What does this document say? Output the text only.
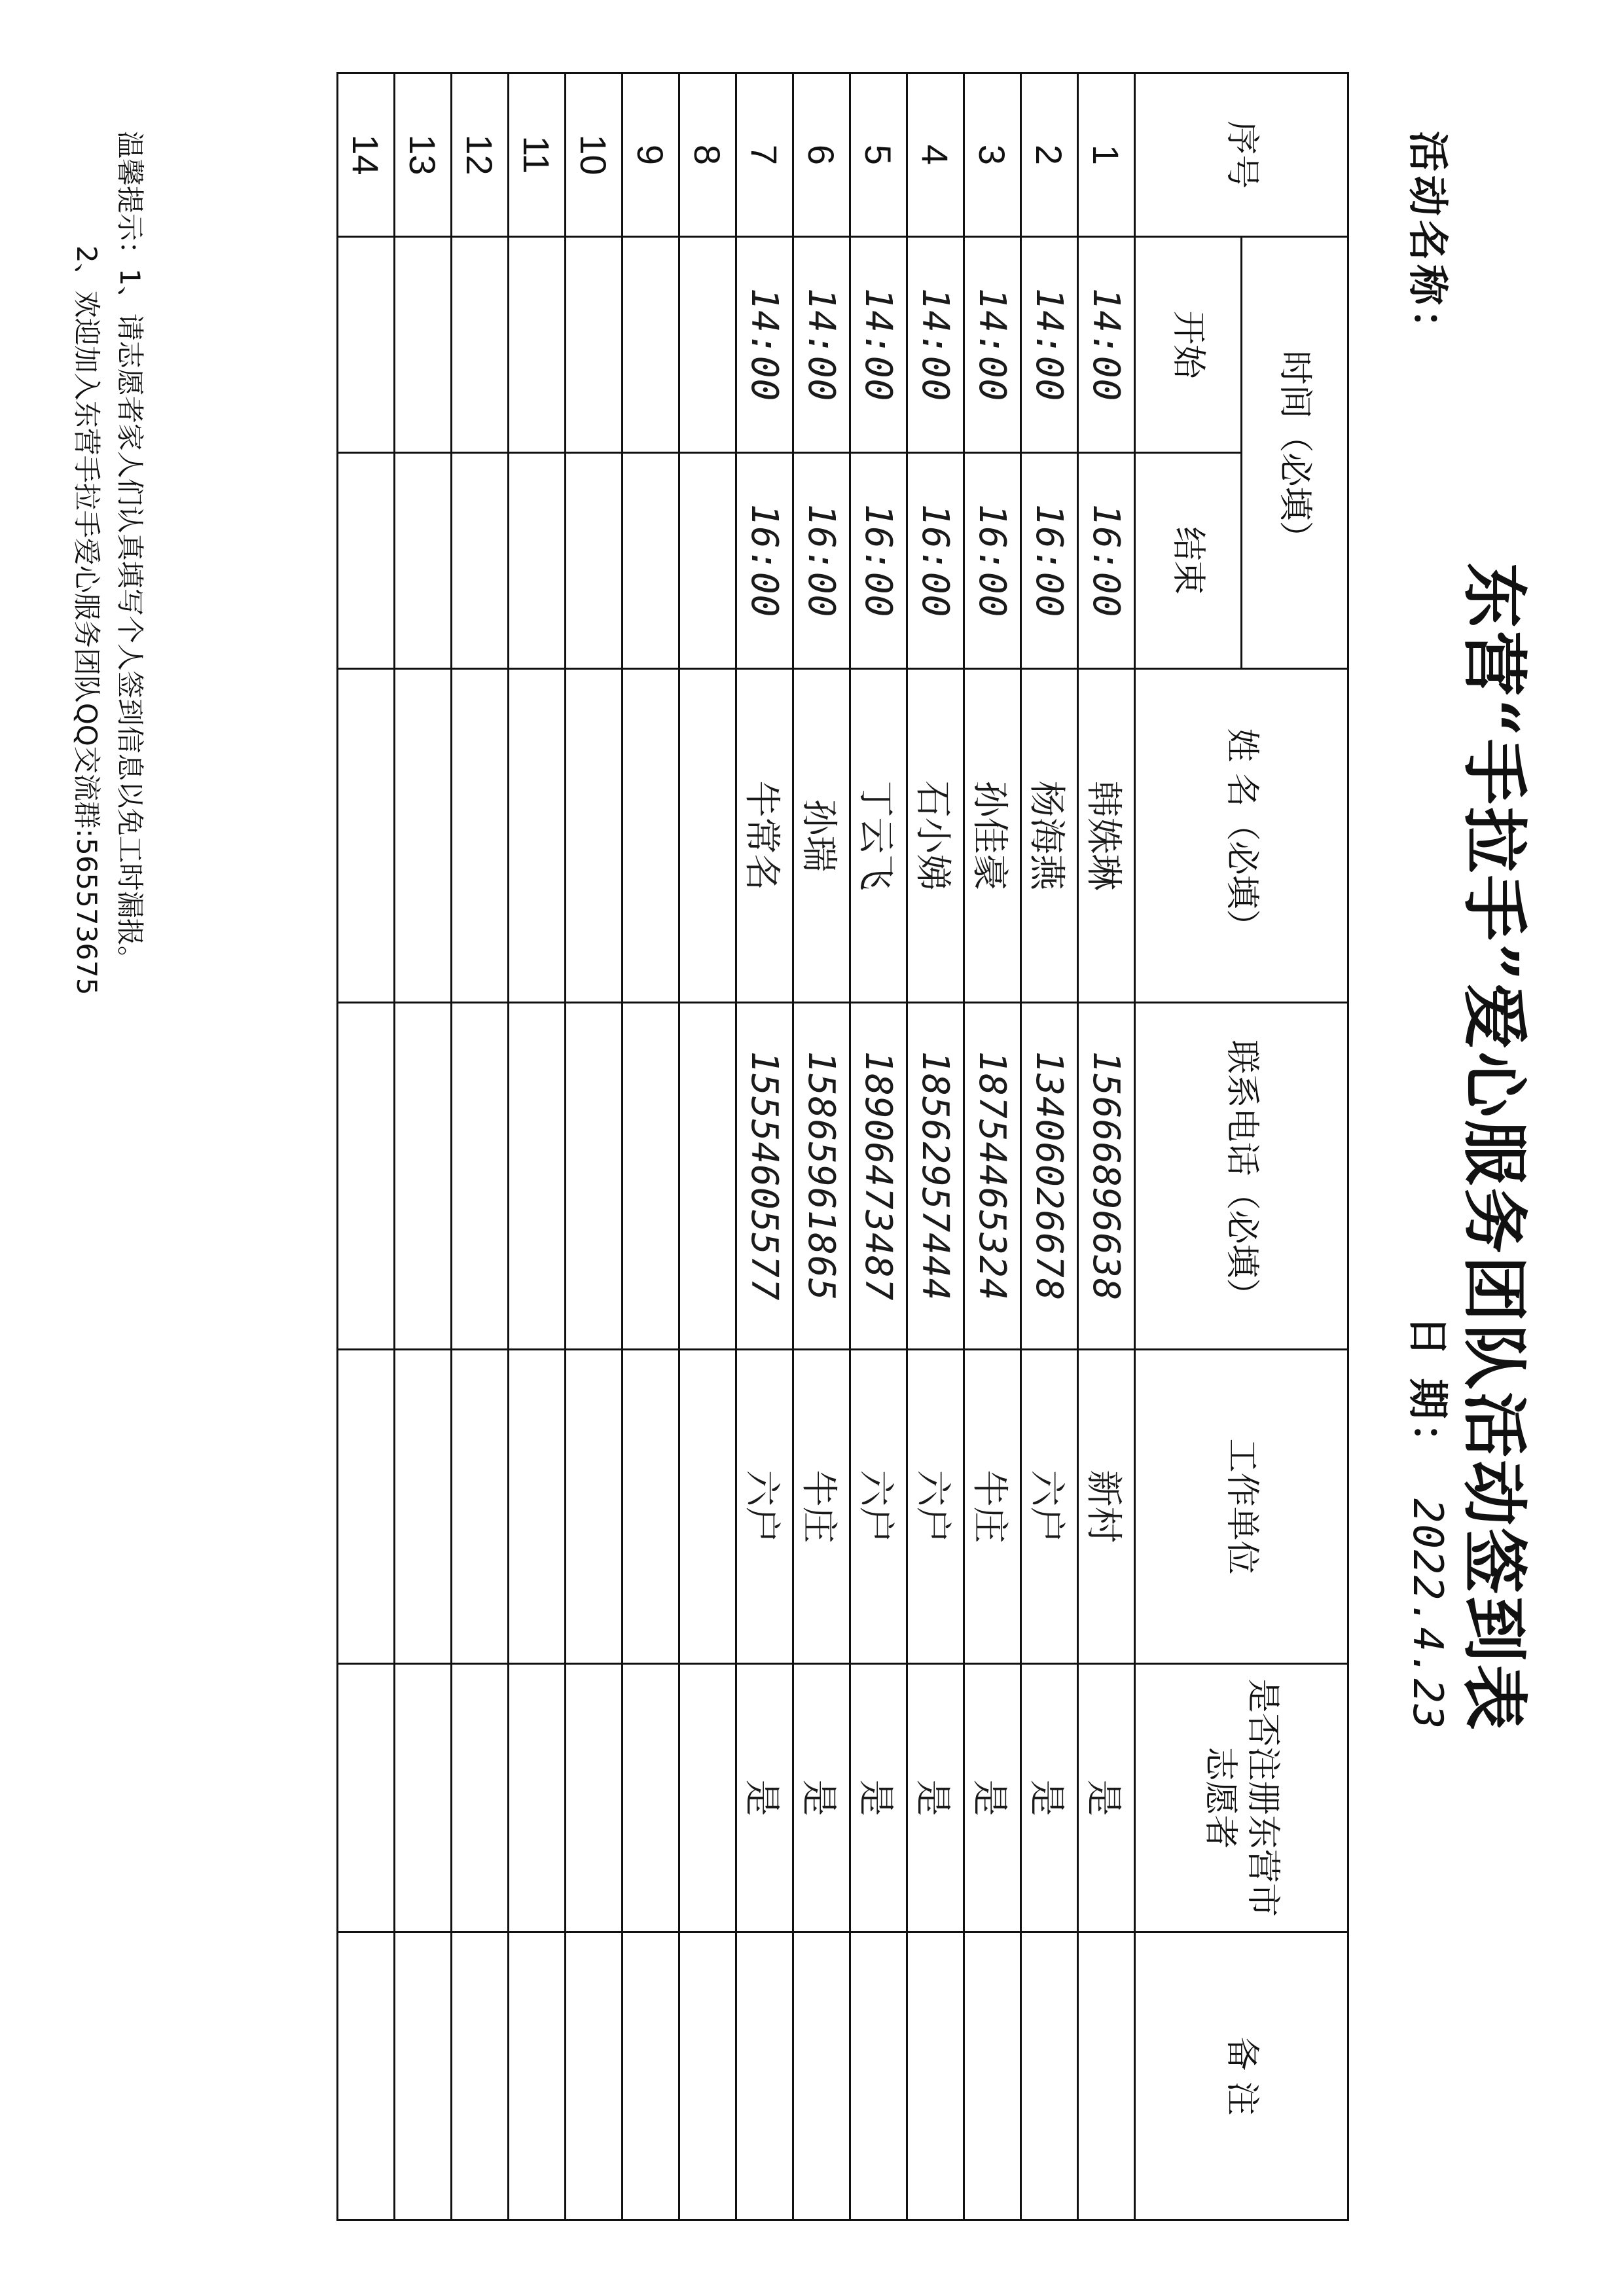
东营“手拉手”爱心服务团队活动签到表
活动名称：
日 期： 2022.4.23
序号	时间（必填）		姓 名（必填）	联系电话（必填）	工作单位	是否注册东营市志愿者	备 注
	开始	结束					
1	14:00	16:00	韩姝琳	15666896638	新村	是	
2	14:00	16:00	杨海燕	13406026678	六户	是	
3	14:00	16:00	孙佳豪	18754465324	牛庄	是	
4	14:00	16:00	石小娣	18562957444	六户	是	
5	14:00	16:00	丁云飞	18906473487	六户	是	
6	14:00	16:00	孙瑞	15865961865	牛庄	是	
7	14:00	16:00	牛常名	15554605577	六户	是	
8							
9							
10							
11							
12							
13							
14							
温馨提示：1、请志愿者家人们认真填写个人签到信息以免工时漏报。
2、欢迎加入东营手拉手爱心服务团队QQ交流群:565573675
